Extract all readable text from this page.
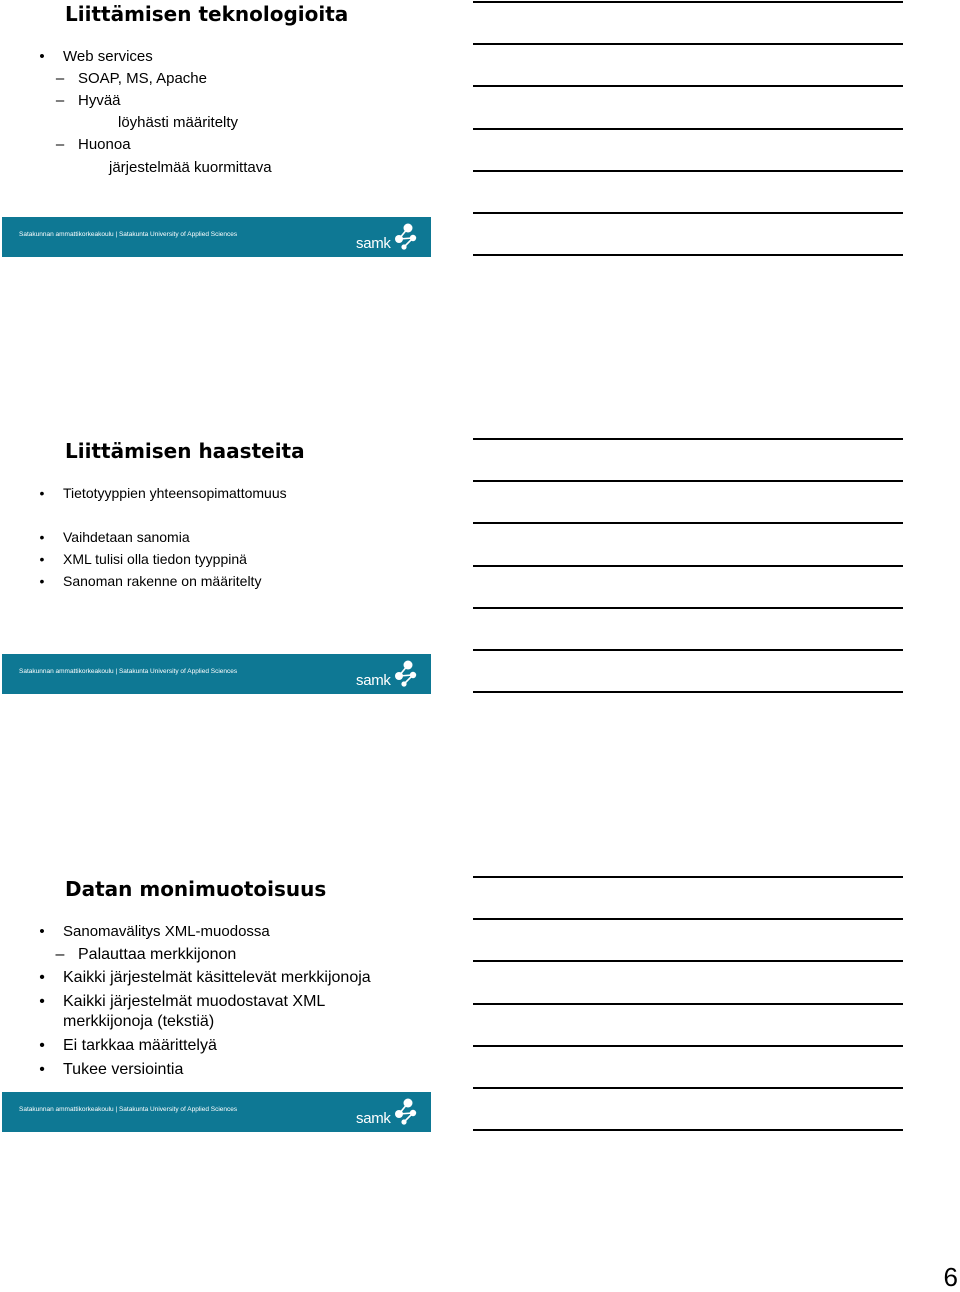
Liittämisen teknologioita
• Web services
– SOAP, MS, Apache
– Hyvää
löyhästi määritelty
– Huonoa
järjestelmää kuormittava
Satakunnan ammattikorkeakoulu | Satakunta University of Applied Sciences
samk
Liittämisen haasteita
• Tietotyyppien yhteensopimattomuus
• Vaihdetaan sanomia
• XML tulisi olla tiedon tyyppinä
• Sanoman rakenne on määritelty
Satakunnan ammattikorkeakoulu | Satakunta University of Applied Sciences
samk
Datan monimuotoisuus
• Sanomavälitys XML-muodossa
– Palauttaa merkkijonon
• Kaikki järjestelmät käsittelevät merkkijonoja
• Kaikki järjestelmät muodostavat XML
merkkijonoja (tekstiä)
• Ei tarkkaa määrittelyä
• Tukee versiointia
Satakunnan ammattikorkeakoulu | Satakunta University of Applied Sciences
samk
6
